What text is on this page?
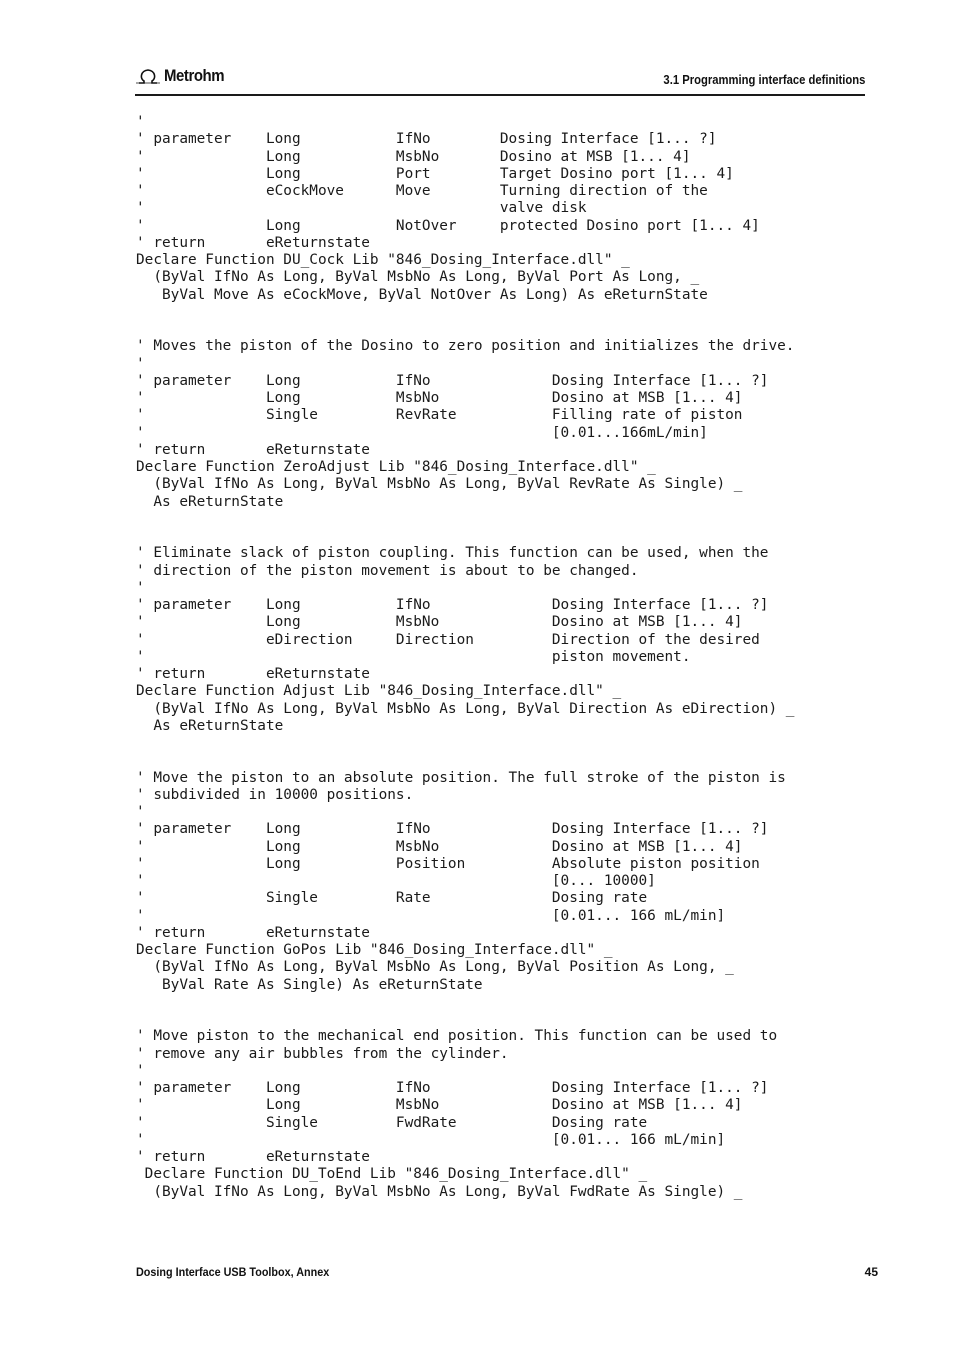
Metrohm	3.1 Programming interface definitions
'
' parameter    Long           IfNo        Dosing Interface [1... ?]
'              Long           MsbNo       Dosino at MSB [1... 4]
'              Long           Port        Target Dosino port [1... 4]
'              eCockMove      Move        Turning direction of the
'                                         valve disk
'              Long           NotOver     protected Dosino port [1... 4]
' return       eReturnstate
Declare Function DU_Cock Lib "846_Dosing_Interface.dll" _
(ByVal IfNo As Long, ByVal MsbNo As Long, ByVal Port As Long, _
ByVal Move As eCockMove, ByVal NotOver As Long) As eReturnState

' Moves the piston of the Dosino to zero position and initializes the drive.
'
' parameter    Long           IfNo              Dosing Interface [1... ?]
'              Long           MsbNo             Dosino at MSB [1... 4]
'              Single         RevRate           Filling rate of piston
'                                               [0.01...166mL/min]
' return       eReturnstate
Declare Function ZeroAdjust Lib "846_Dosing_Interface.dll" _
(ByVal IfNo As Long, ByVal MsbNo As Long, ByVal RevRate As Single) _
As eReturnState

' Eliminate slack of piston coupling. This function can be used, when the
' direction of the piston movement is about to be changed.
'
' parameter    Long           IfNo              Dosing Interface [1... ?]
'              Long           MsbNo             Dosino at MSB [1... 4]
'              eDirection     Direction         Direction of the desired
'                                               piston movement.
' return       eReturnstate
Declare Function Adjust Lib "846_Dosing_Interface.dll" _
(ByVal IfNo As Long, ByVal MsbNo As Long, ByVal Direction As eDirection) _
As eReturnState

' Move the piston to an absolute position. The full stroke of the piston is
' subdivided in 10000 positions.
'
' parameter    Long           IfNo              Dosing Interface [1... ?]
'              Long           MsbNo             Dosino at MSB [1... 4]
'              Long           Position          Absolute piston position
'                                               [0... 10000]
'              Single         Rate              Dosing rate
'                                               [0.01... 166 mL/min]
' return       eReturnstate
Declare Function GoPos Lib "846_Dosing_Interface.dll" _
(ByVal IfNo As Long, ByVal MsbNo As Long, ByVal Position As Long, _
ByVal Rate As Single) As eReturnState

' Move piston to the mechanical end position. This function can be used to
' remove any air bubbles from the cylinder.
'
' parameter    Long           IfNo              Dosing Interface [1... ?]
'              Long           MsbNo             Dosino at MSB [1... 4]
'              Single         FwdRate           Dosing rate
'                                               [0.01... 166 mL/min]
' return       eReturnstate
Declare Function DU_ToEnd Lib "846_Dosing_Interface.dll" _
(ByVal IfNo As Long, ByVal MsbNo As Long, ByVal FwdRate As Single) _
Dosing Interface USB Toolbox, Annex	45
